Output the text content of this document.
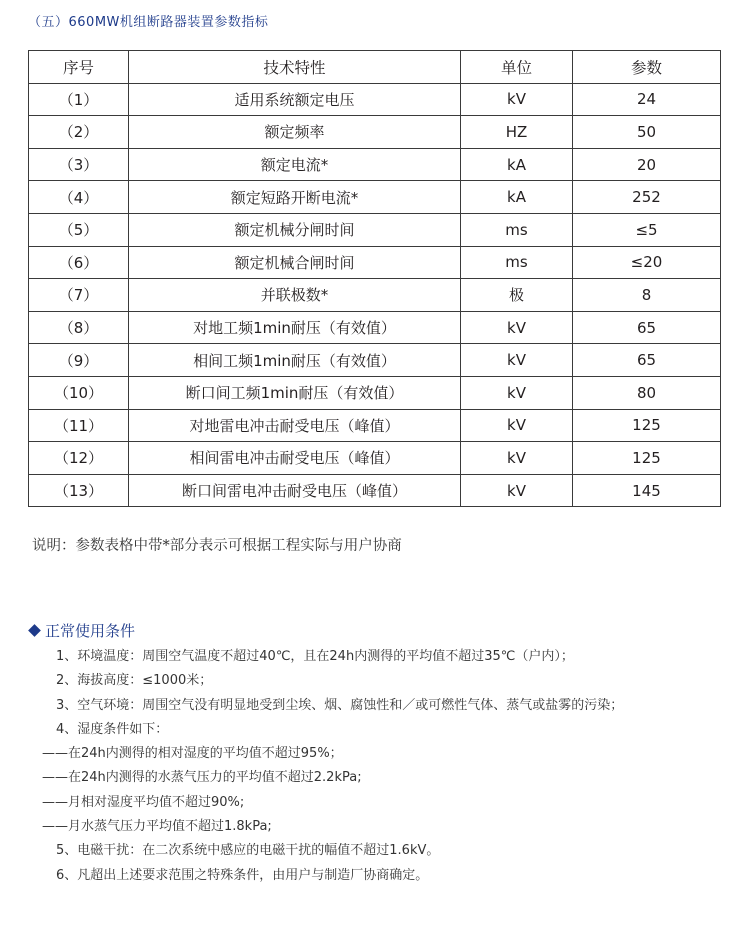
（五）660MW机组断路器装置参数指标
序号	技术特性	单位	参数
（1）	适用系统额定电压	kV	24
（2）	额定频率	HZ	50
（3）	额定电流*	kA	20
（4）	额定短路开断电流*	kA	252
（5）	额定机械分闸时间	ms	≤5
（6）	额定机械合闸时间	ms	≤20
（7）	并联极数*	极	8
（8）	对地工频1min耐压（有效值）	kV	65
（9）	相间工频1min耐压（有效值）	kV	65
（10）	断口间工频1min耐压（有效值）	kV	80
（11）	对地雷电冲击耐受电压（峰值）	kV	125
（12）	相间雷电冲击耐受电压（峰值）	kV	125
（13）	断口间雷电冲击耐受电压（峰值）	kV	145
说明：参数表格中带*部分表示可根据工程实际与用户协商
正常使用条件
1、环境温度：周围空气温度不超过40℃，且在24h内测得的平均值不超过35℃（户内）；
2、海拔高度：≤1000米；
3、空气环境：周围空气没有明显地受到尘埃、烟、腐蚀性和／或可燃性气体、蒸气或盐雾的污染；
4、湿度条件如下：
——在24h内测得的相对湿度的平均值不超过95%；
——在24h内测得的水蒸气压力的平均值不超过2.2kPa;
——月相对湿度平均值不超过90%;
——月水蒸气压力平均值不超过1.8kPa;
5、电磁干扰：在二次系统中感应的电磁干扰的幅值不超过1.6kV。
6、凡超出上述要求范围之特殊条件，由用户与制造厂协商确定。
